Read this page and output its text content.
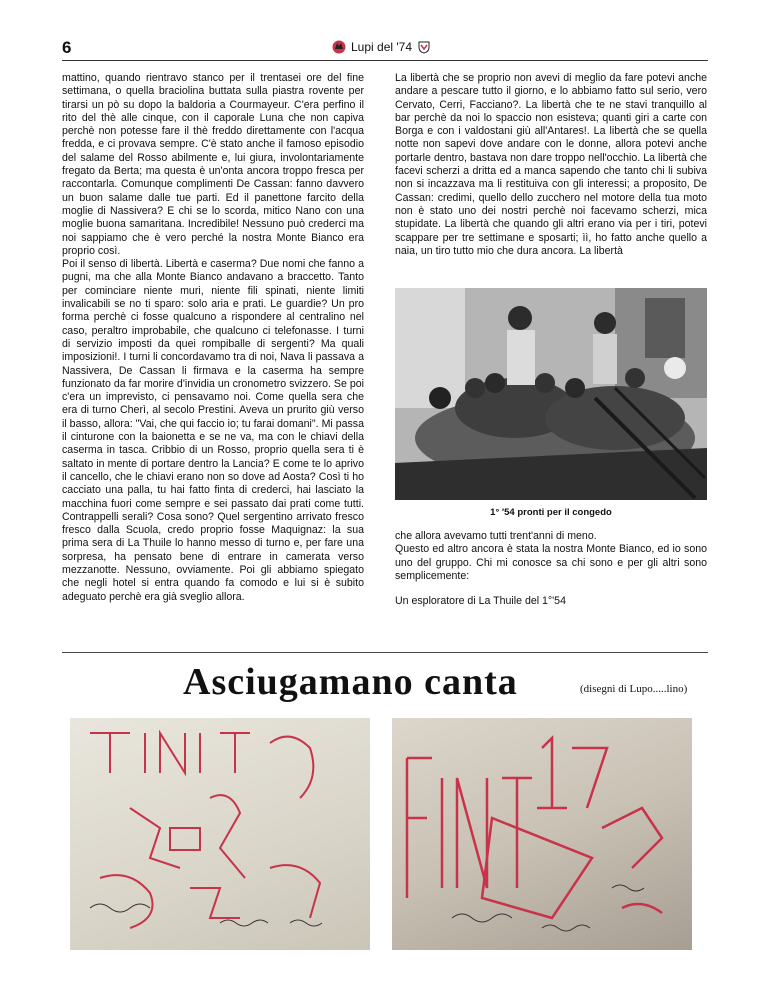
6	Lupi del '74

mattino, quando rientravo stanco per il trentasei ore del fine settimana, o quella braciolina buttata sulla piastra rovente per tirarsi un pò su dopo la baldoria a Courmayeur. C'era perfino il rito del thè alle cinque, con il caporale Luna che non capiva perchè non potesse fare il thè freddo direttamente con l'acqua fredda, e ci provava sempre. C'è stato anche il famoso episodio del salame del Rosso abilmente e, lui giura, involontariamente fregato da Berta; ma questa è un'onta ancora troppo fresca per raccontarla. Comunque complimenti De Cassan: fanno davvero un buon salame dalle tue parti. Ed il panettone farcito della moglie di Nassivera? E chi se lo scorda, mitico Nano con una moglie buona samaritana. Incredibile! Nessuno può crederci ma noi sappiamo che è vero perché la nostra Monte Bianco era proprio così.

Poi il senso di libertà. Libertà e caserma? Due nomi che fanno a pugni, ma che alla Monte Bianco andavano a braccetto. Tanto per cominciare niente muri, niente fili spinati, niente limiti invalicabili se no ti sparo: solo aria e prati. Le guardie? Un pro forma perchè ci fosse qualcuno a rispondere al centralino nel caso, peraltro improbabile, che qualcuno ci telefonasse. I turni di servizio imposti da quei rompiballe di sergenti? Ma quali imposizioni!. I turni li concordavamo tra di noi, Nava li passava a Nassivera, De Cassan li firmava e la caserma ha sempre funzionato da far morire d'invidia un cronometro svizzero. Se poi c'era un imprevisto, ci pensavamo noi. Come quella sera che era di turno Cherì, al secolo Prestini. Aveva un prurito giù verso il basso, allora: "Vai, che qui faccio io; tu farai domani". Mi passa il cinturone con la baionetta e se ne va, ma con le chiavi della caserma in tasca. Cribbio di un Rosso, proprio quella sera ti è saltato in mente di portare dentro la Lancia? E come te lo aprivo il cancello, che le chiavi erano non so dove ad Aosta? Così ti ho cacciato una palla, tu hai fatto finta di crederci, hai lasciato la macchina fuori come sempre e sei passato dai prati come tutti. Contrappelli serali? Cosa sono? Quel sergentino arrivato fresco fresco dalla Scuola, credo proprio fosse Maquignaz: la sua prima sera di La Thuile lo hanno messo di turno e, per fare una sorpresa, ha pensato bene di entrare in camerata verso mezzanotte. Nessuno, ovviamente. Poi gli abbiamo spiegato che negli hotel si entra quando fa comodo e lui si è subito adeguato perchè era già sveglio allora.

La libertà che se proprio non avevi di meglio da fare potevi anche andare a pescare tutto il giorno, e lo abbiamo fatto sul serio, vero Cervato, Cerri, Facciano?. La libertà che te ne stavi tranquillo al bar perchè da noi lo spaccio non esisteva; quanti giri a carte con Borga e con i valdostani giù all'Antares!. La libertà che se quella notte non sapevi dove andare con le donne, allora potevi anche portarle dentro, bastava non dare troppo nell'occhio. La libertà che facevi scherzi a dritta ed a manca sapendo che tanto chi li subiva non si incazzava ma li restituiva con gli interessi; a proposito, De Cassan: credimi, quello dello zucchero nel motore della tua moto non è stato uno dei nostri perchè noi facevamo scherzi, mica stupidate. La libertà che quando gli altri erano via per i tiri, potevi scappare per tre settimane e sposarti; ìì, ho fatto anche quello a naia, un tiro tutto mio che dura ancora. La libertà

1° '54 pronti per il congedo

che allora avevamo tutti trent'anni di meno.

Questo ed altro ancora è stata la nostra Monte Bianco, ed io sono uno del gruppo. Chi mi conosce sa chi sono e per gli altri sono semplicemente:

Un esploratore di La Thuile del 1°'54

Asciugamano canta	(disegni di Lupo.....lino)
